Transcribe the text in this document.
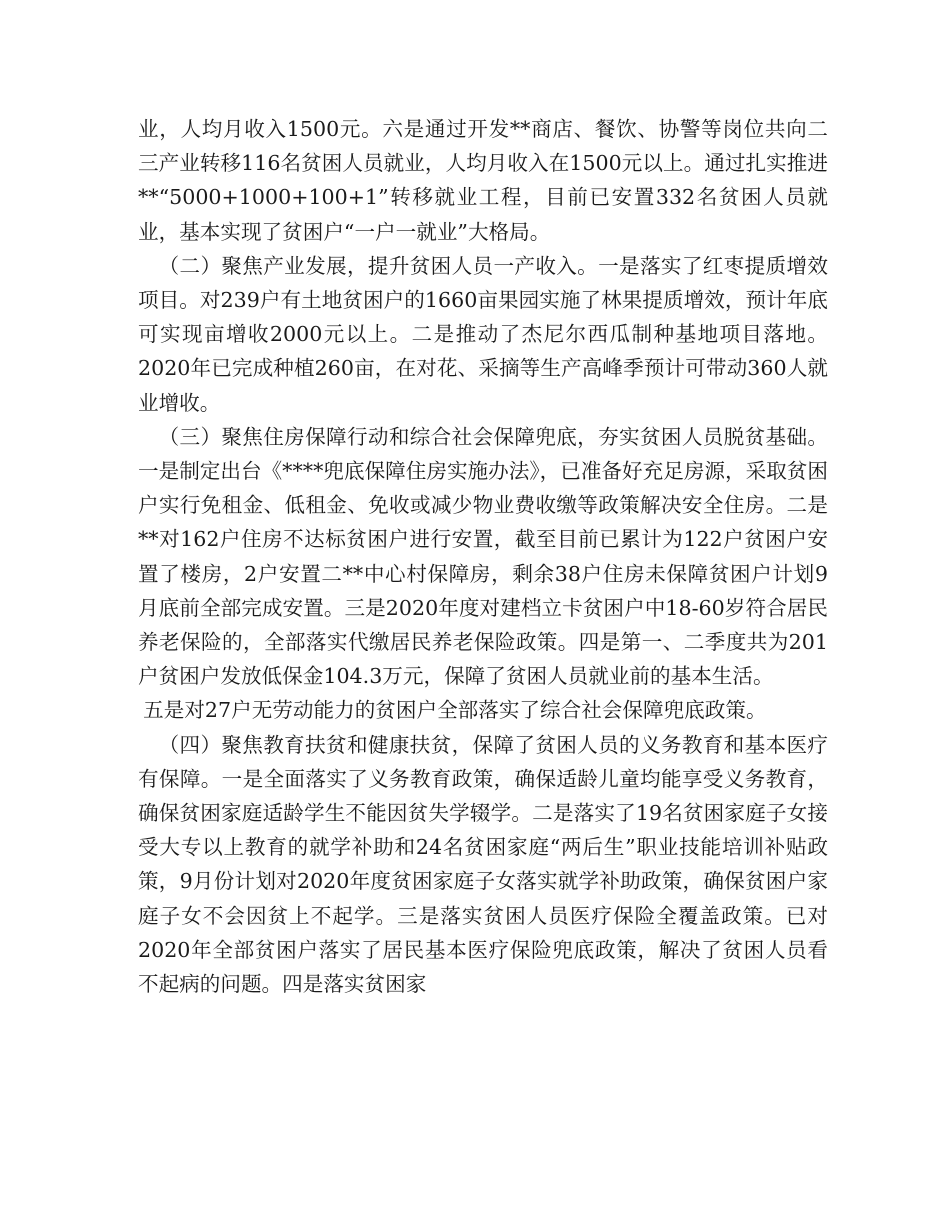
业，人均月收入1500元。六是通过开发**商店、餐饮、协警等岗位共向二三产业转移116名贫困人员就业，人均月收入在1500元以上。通过扎实推进**“5000+1000+100+1”转移就业工程，目前已安置332名贫困人员就业，基本实现了贫困户“一户一就业”大格局。

（二）聚焦产业发展，提升贫困人员一产收入。一是落实了红枣提质增效项目。对239户有土地贫困户的1660亩果园实施了林果提质增效，预计年底可实现亩增收2000元以上。二是推动了杰尼尔西瓜制种基地项目落地。2020年已完成种植260亩，在对花、采摘等生产高峰季预计可带动360人就业增收。

（三）聚焦住房保障行动和综合社会保障兜底，夯实贫困人员脱贫基础。一是制定出台《****兜底保障住房实施办法》，已准备好充足房源，采取贫困户实行免租金、低租金、免收或减少物业费收缴等政策解决安全住房。二是**对162户住房不达标贫困户进行安置，截至目前已累计为122户贫困户安置了楼房，2户安置二**中心村保障房，剩余38户住房未保障贫困户计划9月底前全部完成安置。三是2020年度对建档立卡贫困户中18-60岁符合居民养老保险的，全部落实代缴居民养老保险政策。四是第一、二季度共为201户贫困户发放低保金104.3万元，保障了贫困人员就业前的基本生活。

五是对27户无劳动能力的贫困户全部落实了综合社会保障兜底政策。

（四）聚焦教育扶贫和健康扶贫，保障了贫困人员的义务教育和基本医疗有保障。一是全面落实了义务教育政策，确保适龄儿童均能享受义务教育，确保贫困家庭适龄学生不能因贫失学辍学。二是落实了19名贫困家庭子女接受大专以上教育的就学补助和24名贫困家庭“两后生”职业技能培训补贴政策，9月份计划对2020年度贫困家庭子女落实就学补助政策，确保贫困户家庭子女不会因贫上不起学。三是落实贫困人员医疗保险全覆盖政策。已对2020年全部贫困户落实了居民基本医疗保险兜底政策，解决了贫困人员看不起病的问题。四是落实贫困家
